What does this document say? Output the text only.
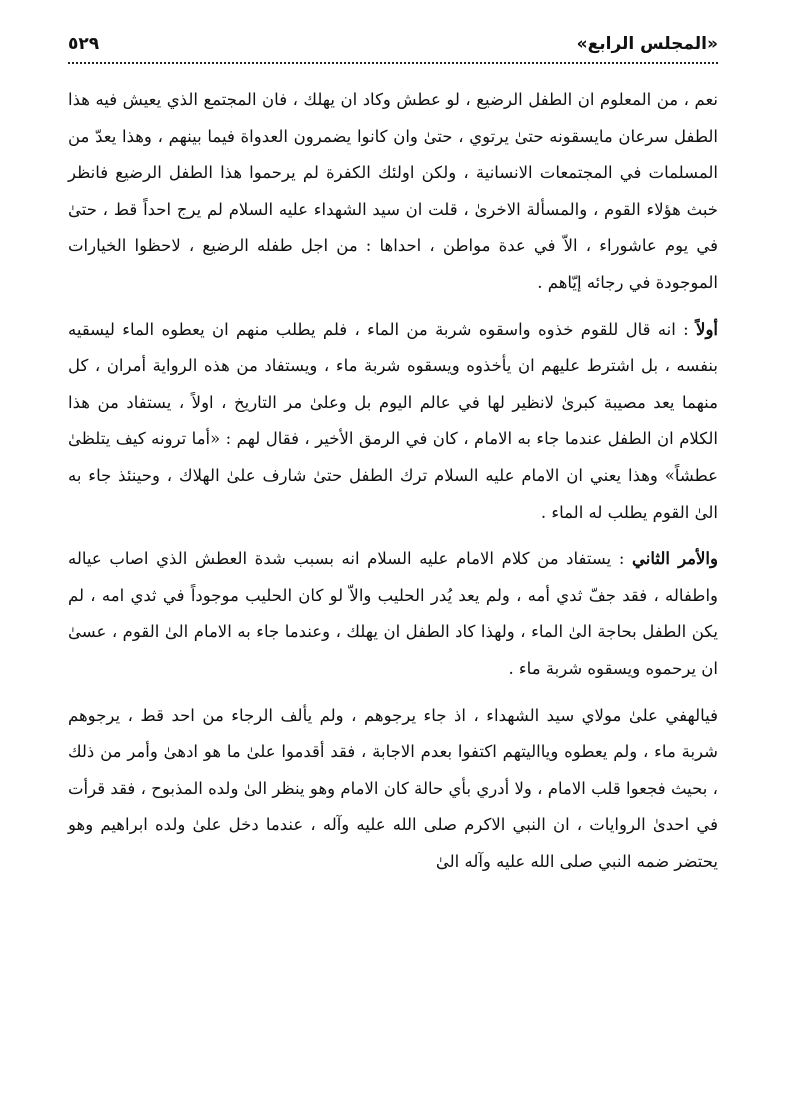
«المجلس الرابع»
٥٢٩

نعم ، من المعلوم ان الطفل الرضيع ، لو عطش وكاد ان يهلك ، فان المجتمع الذي يعيش فيه هذا الطفل سرعان مايسقونه حتىٰ يرتوي ، حتىٰ وان كانوا يضمرون العدواة فيما بينهم ، وهذا يعدّ من المسلمات في المجتمعات الانسانية ، ولكن اولئك الكفرة لم يرحموا هذا الطفل الرضيع فانظر خبث هؤلاء القوم ، والمسألة الاخرىٰ ، قلت ان سيد الشهداء عليه السلام لم يرج احداً قط ، حتىٰ في يوم عاشوراء ، الاّ في عدة مواطن ، احداها : من اجل طفله الرضيع ، لاحظوا الخيارات الموجودة في رجائه إيّاهم .

أولاً : انه قال للقوم خذوه واسقوه شربة من الماء ، فلم يطلب منهم ان يعطوه الماء ليسقيه بنفسه ، بل اشترط عليهم ان يأخذوه ويسقوه شربة ماء ، ويستفاد من هذه الرواية أمران ، كل منهما يعد مصيبة كبرىٰ لانظير لها في عالم اليوم بل وعلىٰ مر التاريخ ، اولاً ، يستفاد من هذا الكلام ان الطفل عندما جاء به الامام ، كان في الرمق الأخير ، فقال لهم : «أما ترونه كيف يتلظىٰ عطشاً» وهذا يعني ان الامام عليه السلام ترك الطفل حتىٰ شارف علىٰ الهلاك ، وحينئذ جاء به الىٰ القوم يطلب له الماء .

والأمر الثاني : يستفاد من كلام الامام عليه السلام انه بسبب شدة العطش الذي اصاب عياله واطفاله ، فقد جفّ ثدي أمه ، ولم يعد يُدر الحليب والاّ لو كان الحليب موجوداً في ثدي امه ، لم يكن الطفل بحاجة الىٰ الماء ، ولهذا كاد الطفل ان يهلك ، وعندما جاء به الامام الىٰ القوم ، عسىٰ ان يرحموه ويسقوه شربة ماء .

فيالهفي علىٰ مولاي سيد الشهداء ، اذ جاء يرجوهم ، ولم يألف الرجاء من احد قط ، يرجوهم شربة ماء ، ولم يعطوه ويااليتهم اكتفوا بعدم الاجابة ، فقد أقدموا علىٰ ما هو ادهىٰ وأمر من ذلك ، بحيث فجعوا قلب الامام ، ولا أدري بأي حالة كان الامام وهو ينظر الىٰ ولده المذبوح ، فقد قرأت في احدىٰ الروايات ، ان النبي الاكرم صلى الله عليه وآله ، عندما دخل علىٰ ولده ابراهيم وهو يحتضر ضمه النبي صلى الله عليه وآله الىٰ
